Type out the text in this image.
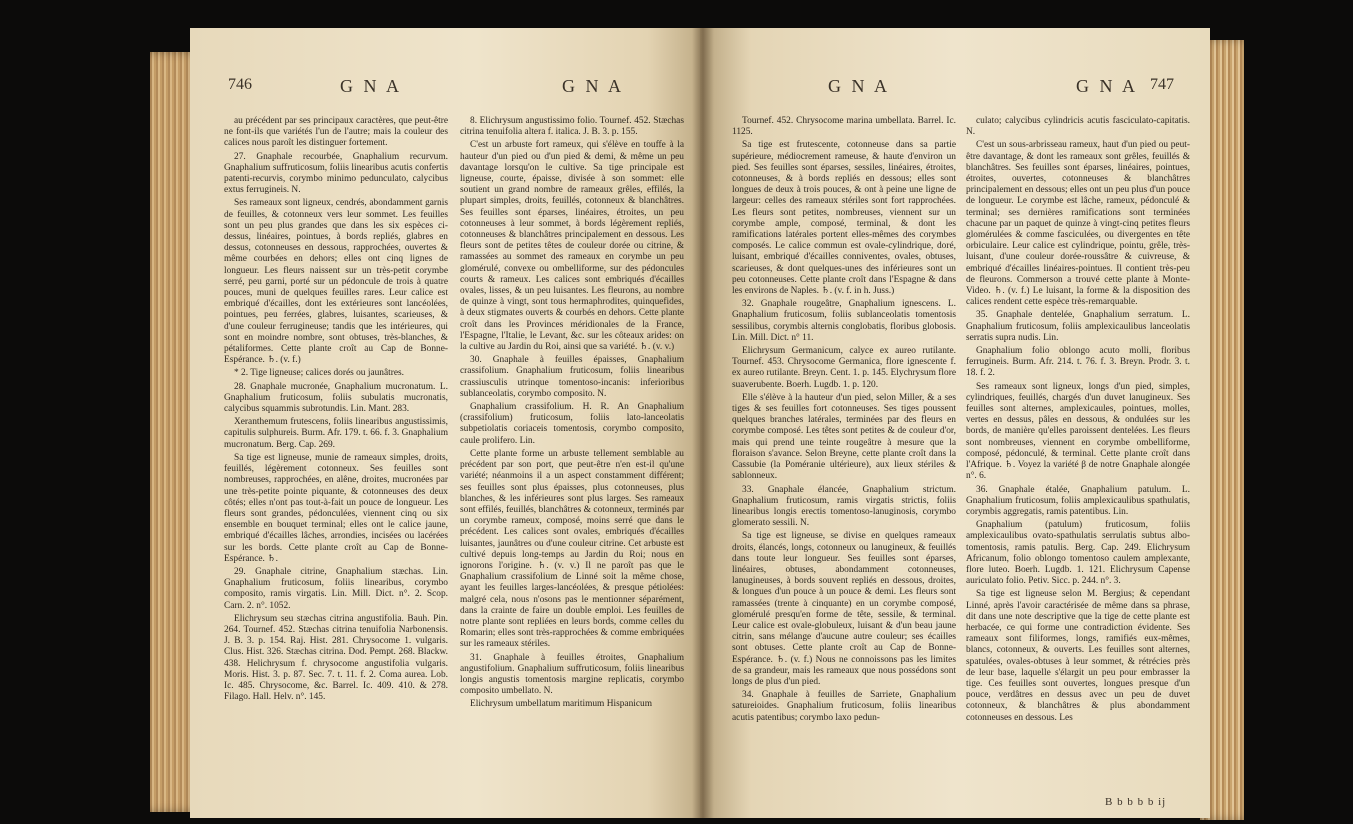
746	G N A	G N A

au précédent par ses principaux caractères, que peut-être ne font-ils que variétés l'un de l'autre; mais la couleur des calices nous paroît les distinguer fortement.

27. Gnaphale recourbée, Gnaphalium recurvum. Gnaphalium suffruticosum, foliis linearibus acutis confertis patenti-recurvis, corymbo minimo pedunculato, calycibus extus ferrugineis. N.

Ses rameaux sont ligneux, cendrés, abondamment garnis de feuilles, & cotonneux vers leur sommet. Les feuilles sont un peu plus grandes que dans les six espèces ci-dessus, linéaires, pointues, à bords repliés, glabres en dessus, cotonneuses en dessous, rapprochées, ouvertes & même courbées en dehors; elles ont cinq lignes de longueur. Les fleurs naissent sur un très-petit corymbe serré, peu garni, porté sur un pédoncule de trois à quatre pouces, muni de quelques feuilles rares. Leur calice est embriqué d'écailles, dont les extérieures sont lancéolées, pointues, peu ferrées, glabres, luisantes, scarieuses, & d'une couleur ferrugineuse; tandis que les intérieures, qui sont en moindre nombre, sont obtuses, très-blanches, & pétaliformes. Cette plante croît au Cap de Bonne-Espérance. ♄. (v. f.)

* 2. Tige ligneuse; calices dorés ou jaunâtres.

28. Gnaphale mucronée, Gnaphalium mucronatum. L. Gnaphalium fruticosum, foliis subulatis mucronatis, calycibus squammis subrotundis. Lin. Mant. 283.

Xeranthemum frutescens, foliis linearibus angustissimis, capitulis sulphureis. Burm. Afr. 179. t. 66. f. 3. Gnaphalium mucronatum. Berg. Cap. 269.

Sa tige est ligneuse, munie de rameaux simples, droits, feuillés, légèrement cotonneux. Ses feuilles sont nombreuses, rapprochées, en alêne, droites, mucronées par une très-petite pointe piquante, & cotonneuses des deux côtés; elles n'ont pas tout-à-fait un pouce de longueur. Les fleurs sont grandes, pédonculées, viennent cinq ou six ensemble en bouquet terminal; elles ont le calice jaune, embriqué d'écailles lâches, arrondies, incisées ou lacérées sur les bords. Cette plante croît au Cap de Bonne-Espérance. ♄.

29. Gnaphale citrine, Gnaphalium stæchas. Lin. Gnaphalium fruticosum, foliis linearibus, corymbo composito, ramis virgatis. Lin. Mill. Dict. n°. 2. Scop. Carn. 2. n°. 1052.

Elichrysum seu stæchas citrina angustifolia. Bauh. Pin. 264. Tournef. 452. Stæchas citrina tenuifolia Narbonensis. J. B. 3. p. 154. Raj. Hist. 281. Chrysocome 1. vulgaris. Clus. Hist. 326. Stæchas citrina. Dod. Pempt. 268. Blackw. 438. Helichrysum f. chrysocome angustifolia vulgaris. Moris. Hist. 3. p. 87. Sec. 7. t. 11. f. 2. Coma aurea. Lob. Ic. 485. Chrysocome, &c. Barrel. Ic. 409. 410. & 278. Filago. Hall. Helv. n°. 145.

8. Elichrysum angustissimo folio. Tournef. 452. Stæchas citrina tenuifolia altera f. italica. J. B. 3. p. 155.

C'est un arbuste fort rameux, qui s'élève en touffe à la hauteur d'un pied ou d'un pied & demi, & même un peu davantage lorsqu'on le cultive. Sa tige principale est ligneuse, courte, épaisse, divisée à son sommet: elle soutient un grand nombre de rameaux grêles, effilés, la plupart simples, droits, feuillés, cotonneux & blanchâtres. Ses feuilles sont éparses, linéaires, étroites, un peu cotonneuses à leur sommet, à bords légèrement repliés, cotonneuses & blanchâtres principalement en dessous. Les fleurs sont de petites têtes de couleur dorée ou citrine, & ramassées au sommet des rameaux en corymbe un peu glomérulé, convexe ou ombelliforme, sur des pédoncules courts & rameux. Les calices sont embriqués d'écailles ovales, lisses, & un peu luisantes. Les fleurons, au nombre de quinze à vingt, sont tous hermaphrodites, quinquefides, à deux stigmates ouverts & courbés en dehors. Cette plante croît dans les Provinces méridionales de la France, l'Espagne, l'Italie, le Levant, &c. sur les côteaux arides: on la cultive au Jardin du Roi, ainsi que sa variété. ♄. (v. v.)

30. Gnaphale à feuilles épaisses, Gnaphalium crassifolium. Gnaphalium fruticosum, foliis linearibus crassiusculis utrinque tomentoso-incanis: inferioribus sublanceolatis, corymbo composito. N.

Gnaphalium crassifolium. H. R. An Gnaphalium (crassifolium) fruticosum, foliis lato-lanceolatis subpetiolatis coriaceis tomentosis, corymbo composito, caule prolifero. Lin.

Cette plante forme un arbuste tellement semblable au précédent par son port, que peut-être n'en est-il qu'une variété; néanmoins il a un aspect constamment différent; ses feuilles sont plus épaisses, plus cotonneuses, plus blanches, & les inférieures sont plus larges. Ses rameaux sont effilés, feuillés, blanchâtres & cotonneux, terminés par un corymbe rameux, composé, moins serré que dans le précédent. Les calices sont ovales, embriqués d'écailles luisantes, jaunâtres ou d'une couleur citrine. Cet arbuste est cultivé depuis long-temps au Jardin du Roi; nous en ignorons l'origine. ♄. (v. v.) Il ne paroît pas que le Gnaphalium crassifolium de Linné soit la même chose, ayant les feuilles larges-lancéolées, & presque pétiolées: malgré cela, nous n'osons pas le mentionner séparément, dans la crainte de faire un double emploi. Les feuilles de notre plante sont repliées en leurs bords, comme celles du Romarin; elles sont très-rapprochées & comme embriquées sur les rameaux stériles.

31. Gnaphale à feuilles étroites, Gnaphalium angustifolium. Gnaphalium suffruticosum, foliis linearibus longis angustis tomentosis margine replicatis, corymbo composito umbellato. N.

Elichrysum umbellatum maritimum Hispanicum

G N A	G N A 747

Tournef. 452. Chrysocome marina umbellata. Barrel. Ic. 1125.

Sa tige est frutescente, cotonneuse dans sa partie supérieure, médiocrement rameuse, & haute d'environ un pied. Ses feuilles sont éparses, sessiles, linéaires, étroites, cotonneuses, & à bords repliés en dessous; elles sont longues de deux à trois pouces, & ont à peine une ligne de largeur: celles des rameaux stériles sont fort rapprochées. Les fleurs sont petites, nombreuses, viennent sur un corymbe ample, composé, terminal, & dont les ramifications latérales portent elles-mêmes des corymbes composés. Le calice commun est ovale-cylindrique, doré, luisant, embriqué d'écailles conniventes, ovales, obtuses, scarieuses, & dont quelques-unes des inférieures sont un peu cotonneuses. Cette plante croît dans l'Espagne & dans les environs de Naples. ♄. (v. f. in h. Juss.)

32. Gnaphale rougeâtre, Gnaphalium ignescens. L. Gnaphalium fruticosum, foliis sublanceolatis tomentosis sessilibus, corymbis alternis conglobatis, floribus globosis. Lin. Mill. Dict. n° 11.

Elichrysum Germanicum, calyce ex aureo rutilante. Tournef. 453. Chrysocome Germanica, flore ignescente f. ex aureo rutilante. Breyn. Cent. 1. p. 145. Elychrysum flore suaverubente. Boerh. Lugdb. 1. p. 120.

Elle s'élève à la hauteur d'un pied, selon Miller, & a ses tiges & ses feuilles fort cotonneuses. Ses tiges poussent quelques branches latérales, terminées par des fleurs en corymbe composé. Les têtes sont petites & de couleur d'or, mais qui prend une teinte rougeâtre à mesure que la floraison s'avance. Selon Breyne, cette plante croît dans la Cassubie (la Poméranie ultérieure), aux lieux stériles & sablonneux.

33. Gnaphale élancée, Gnaphalium strictum. Gnaphalium fruticosum, ramis virgatis strictis, foliis linearibus longis erectis tomentoso-lanuginosis, corymbo glomerato sessili. N.

Sa tige est ligneuse, se divise en quelques rameaux droits, élancés, longs, cotonneux ou lanugineux, & feuillés dans toute leur longueur. Ses feuilles sont éparses, linéaires, obtuses, abondamment cotonneuses, lanugineuses, à bords souvent repliés en dessous, droites, & longues d'un pouce à un pouce & demi. Les fleurs sont ramassées (trente à cinquante) en un corymbe composé, glomérulé presqu'en forme de tête, sessile, & terminal. Leur calice est ovale-globuleux, luisant & d'un beau jaune citrin, sans mélange d'aucune autre couleur; ses écailles sont obtuses. Cette plante croît au Cap de Bonne-Espérance. ♄. (v. f.) Nous ne connoissons pas les limites de sa grandeur, mais les rameaux que nous possédons sont longs de plus d'un pied.

34. Gnaphale à feuilles de Sarriete, Gnaphalium satureioides. Gnaphalium fruticosum, foliis linearibus acutis patentibus; corymbo laxo pedun-

culato; calycibus cylindricis acutis fasciculato-capitatis. N.

C'est un sous-arbrisseau rameux, haut d'un pied ou peut-être davantage, & dont les rameaux sont grêles, feuillés & blanchâtres. Ses feuilles sont éparses, linéaires, pointues, étroites, ouvertes, cotonneuses & blanchâtres principalement en dessous; elles ont un peu plus d'un pouce de longueur. Le corymbe est lâche, rameux, pédonculé & terminal; ses dernières ramifications sont terminées chacune par un paquet de quinze à vingt-cinq petites fleurs glomérulées & comme fasciculées, ou divergentes en tête orbiculaire. Leur calice est cylindrique, pointu, grêle, très-luisant, d'une couleur dorée-roussâtre & cuivreuse, & embriqué d'écailles linéaires-pointues. Il contient très-peu de fleurons. Commerson a trouvé cette plante à Monte-Video. ♄. (v. f.) Le luisant, la forme & la disposition des calices rendent cette espèce très-remarquable.

35. Gnaphale dentelée, Gnaphalium serratum. L. Gnaphalium fruticosum, foliis amplexicaulibus lanceolatis serratis supra nudis. Lin.

Gnaphalium folio oblongo acuto molli, floribus ferrugineis. Burm. Afr. 214. t. 76. f. 3. Breyn. Prodr. 3. t. 18. f. 2.

Ses rameaux sont ligneux, longs d'un pied, simples, cylindriques, feuillés, chargés d'un duvet lanugineux. Ses feuilles sont alternes, amplexicaules, pointues, molles, vertes en dessus, pâles en dessous, & ondulées sur les bords, de manière qu'elles paroissent dentelées. Les fleurs sont nombreuses, viennent en corymbe ombelliforme, composé, pédonculé, & terminal. Cette plante croît dans l'Afrique. ♄. Voyez la variété β de notre Gnaphale alongée n°. 6.

36. Gnaphale étalée, Gnaphalium patulum. L. Gnaphalium fruticosum, foliis amplexicaulibus spathulatis, corymbis aggregatis, ramis patentibus. Lin.

Gnaphalium (patulum) fruticosum, foliis amplexicaulibus ovato-spathulatis serrulatis subtus albo-tomentosis, ramis patulis. Berg. Cap. 249. Elichrysum Africanum, folio oblongo tomentoso caulem amplexante, flore luteo. Boerh. Lugdb. 1. 121. Elichrysum Capense auriculato folio. Petiv. Sicc. p. 244. n°. 3.

Sa tige est ligneuse selon M. Bergius; & cependant Linné, après l'avoir caractérisée de même dans sa phrase, dit dans une note descriptive que la tige de cette plante est herbacée, ce qui forme une contradiction évidente. Ses rameaux sont filiformes, longs, ramifiés eux-mêmes, blancs, cotonneux, & ouverts. Les feuilles sont alternes, spatulées, ovales-obtuses à leur sommet, & rétrécies près de leur base, laquelle s'élargit un peu pour embrasser la tige. Ces feuilles sont ouvertes, longues presque d'un pouce, verdâtres en dessus avec un peu de duvet cotonneux, & blanchâtres & plus abondamment cotonneuses en dessous. Les

B b b b b ij
